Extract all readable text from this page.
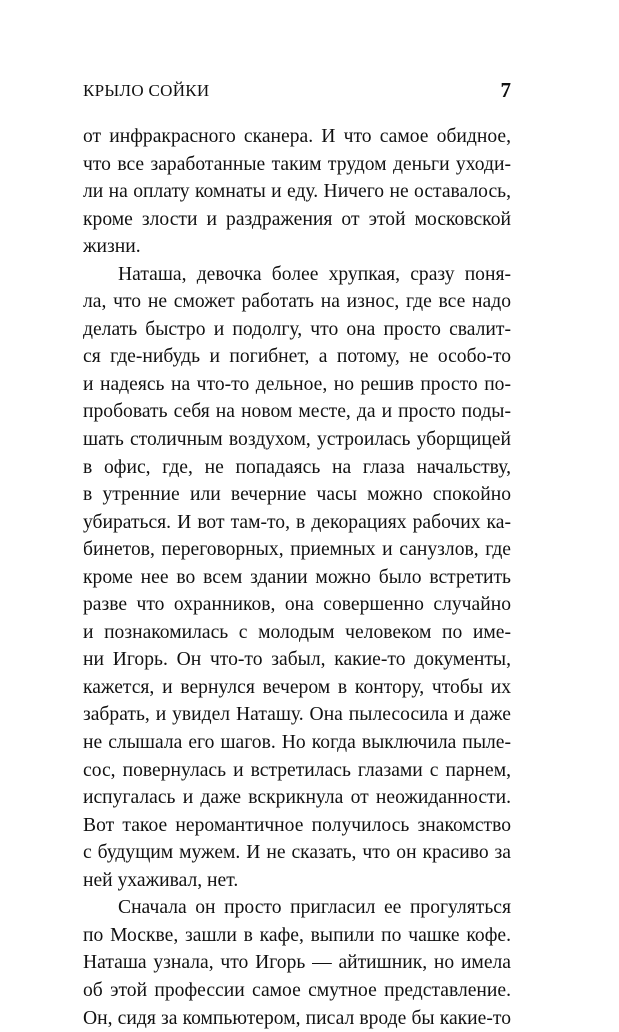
КРЫЛО СОЙКИ	7
от инфракрасного сканера. И что самое обидное,
что все заработанные таким трудом деньги уходи-
ли на оплату комнаты и еду. Ничего не оставалось,
кроме злости и раздражения от этой московской
жизни.
Наташа, девочка более хрупкая, сразу поня-
ла, что не сможет работать на износ, где все надо
делать быстро и подолгу, что она просто свалит-
ся где-нибудь и погибнет, а потому, не особо-то
и надеясь на что-то дельное, но решив просто по-
пробовать себя на новом месте, да и просто поды-
шать столичным воздухом, устроилась уборщицей
в офис, где, не попадаясь на глаза начальству,
в утренние или вечерние часы можно спокойно
убираться. И вот там-то, в декорациях рабочих ка-
бинетов, переговорных, приемных и санузлов, где
кроме нее во всем здании можно было встретить
разве что охранников, она совершенно случайно
и познакомилась с молодым человеком по име-
ни Игорь. Он что-то забыл, какие-то документы,
кажется, и вернулся вечером в контору, чтобы их
забрать, и увидел Наташу. Она пылесосила и даже
не слышала его шагов. Но когда выключила пыле-
сос, повернулась и встретилась глазами с парнем,
испугалась и даже вскрикнула от неожиданности.
Вот такое неромантичное получилось знакомство
с будущим мужем. И не сказать, что он красиво за
ней ухаживал, нет.
Сначала он просто пригласил ее прогуляться
по Москве, зашли в кафе, выпили по чашке кофе.
Наташа узнала, что Игорь — айтишник, но имела
об этой профессии самое смутное представление.
Он, сидя за компьютером, писал вроде бы какие-то
